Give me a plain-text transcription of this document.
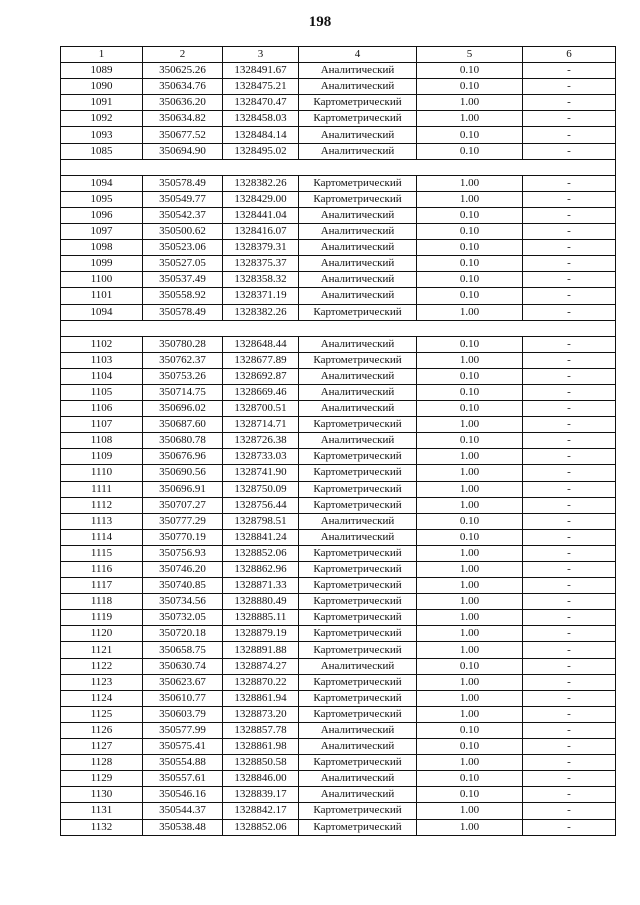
198
1	2	3	4	5	6
1089	350625.26	1328491.67	Аналитический	0.10	-
1090	350634.76	1328475.21	Аналитический	0.10	-
1091	350636.20	1328470.47	Картометрический	1.00	-
1092	350634.82	1328458.03	Картометрический	1.00	-
1093	350677.52	1328484.14	Аналитический	0.10	-
1085	350694.90	1328495.02	Аналитический	0.10	-

1094	350578.49	1328382.26	Картометрический	1.00	-
1095	350549.77	1328429.00	Картометрический	1.00	-
1096	350542.37	1328441.04	Аналитический	0.10	-
1097	350500.62	1328416.07	Аналитический	0.10	-
1098	350523.06	1328379.31	Аналитический	0.10	-
1099	350527.05	1328375.37	Аналитический	0.10	-
1100	350537.49	1328358.32	Аналитический	0.10	-
1101	350558.92	1328371.19	Аналитический	0.10	-
1094	350578.49	1328382.26	Картометрический	1.00	-

1102	350780.28	1328648.44	Аналитический	0.10	-
1103	350762.37	1328677.89	Картометрический	1.00	-
1104	350753.26	1328692.87	Аналитический	0.10	-
1105	350714.75	1328669.46	Аналитический	0.10	-
1106	350696.02	1328700.51	Аналитический	0.10	-
1107	350687.60	1328714.71	Картометрический	1.00	-
1108	350680.78	1328726.38	Аналитический	0.10	-
1109	350676.96	1328733.03	Картометрический	1.00	-
1110	350690.56	1328741.90	Картометрический	1.00	-
1111	350696.91	1328750.09	Картометрический	1.00	-
1112	350707.27	1328756.44	Картометрический	1.00	-
1113	350777.29	1328798.51	Аналитический	0.10	-
1114	350770.19	1328841.24	Аналитический	0.10	-
1115	350756.93	1328852.06	Картометрический	1.00	-
1116	350746.20	1328862.96	Картометрический	1.00	-
1117	350740.85	1328871.33	Картометрический	1.00	-
1118	350734.56	1328880.49	Картометрический	1.00	-
1119	350732.05	1328885.11	Картометрический	1.00	-
1120	350720.18	1328879.19	Картометрический	1.00	-
1121	350658.75	1328891.88	Картометрический	1.00	-
1122	350630.74	1328874.27	Аналитический	0.10	-
1123	350623.67	1328870.22	Картометрический	1.00	-
1124	350610.77	1328861.94	Картометрический	1.00	-
1125	350603.79	1328873.20	Картометрический	1.00	-
1126	350577.99	1328857.78	Аналитический	0.10	-
1127	350575.41	1328861.98	Аналитический	0.10	-
1128	350554.88	1328850.58	Картометрический	1.00	-
1129	350557.61	1328846.00	Аналитический	0.10	-
1130	350546.16	1328839.17	Аналитический	0.10	-
1131	350544.37	1328842.17	Картометрический	1.00	-
1132	350538.48	1328852.06	Картометрический	1.00	-
